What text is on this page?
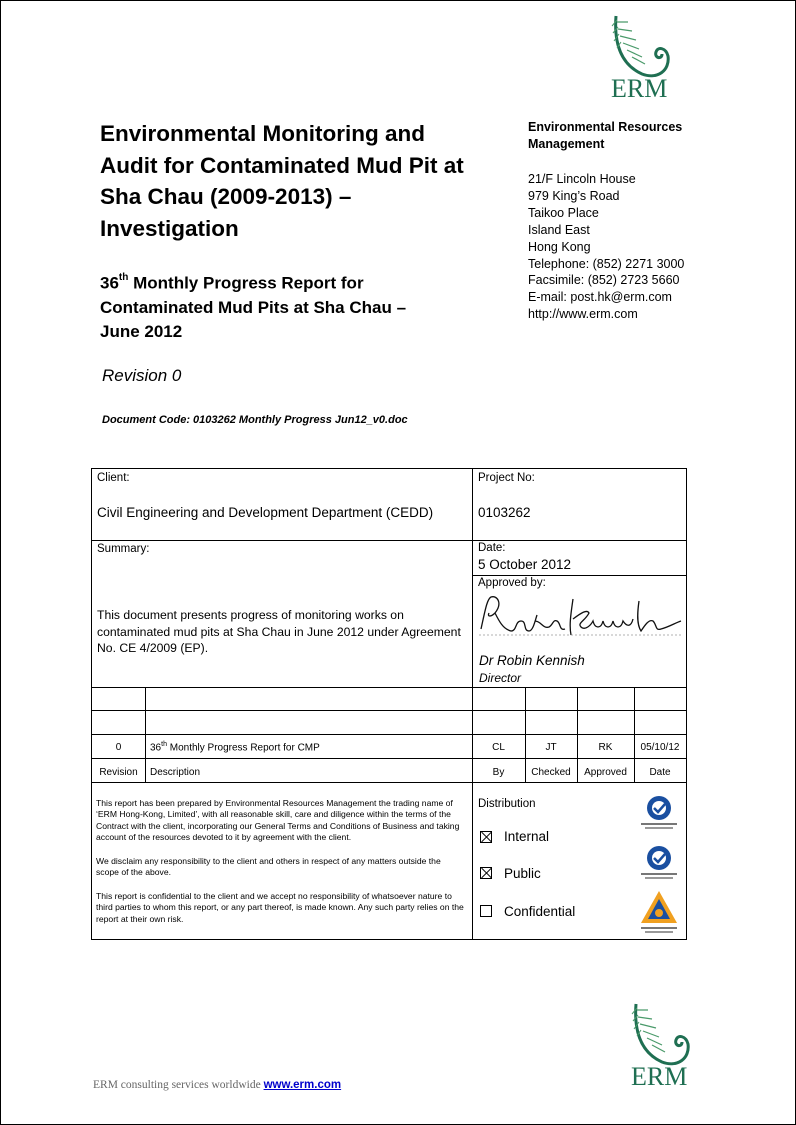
ERM
Environmental Monitoring and
Audit for Contaminated Mud Pit at
Sha Chau (2009-2013) –
Investigation
36th Monthly Progress Report for
Contaminated Mud Pits at Sha Chau –
June 2012
Revision 0
Document Code: 0103262 Monthly Progress Jun12_v0.doc
Environmental Resources
Management
21/F Lincoln House
979 King’s Road
Taikoo Place
Island East
Hong Kong
Telephone: (852) 2271 3000
Facsimile: (852) 2723 5660
E-mail: post.hk@erm.com
http://www.erm.com
Client:
Civil Engineering and Development Department (CEDD)
Project No:
0103262
Summary:
This document presents progress of monitoring works on contaminated mud pits at Sha Chau in June 2012 under Agreement No. CE 4/2009 (EP).
Date:
5 October 2012
Approved by:
Dr Robin Kennish
Director
0	36th Monthly Progress Report for CMP	CL	JT	RK	05/10/12
Revision	Description	By	Checked	Approved	Date
This report has been prepared by Environmental Resources Management the trading name of ‘ERM Hong-Kong, Limited’, with all reasonable skill, care and diligence within the terms of the Contract with the client, incorporating our General Terms and Conditions of Business and taking account of the resources devoted to it by agreement with the client.
We disclaim any responsibility to the client and others in respect of any matters outside the scope of the above.
This report is confidential to the client and we accept no responsibility of whatsoever nature to third parties to whom this report, or any part thereof, is made known. Any such party relies on the report at their own risk.
Distribution
Internal
Public
Confidential
ERM
ERM consulting services worldwide www.erm.com
